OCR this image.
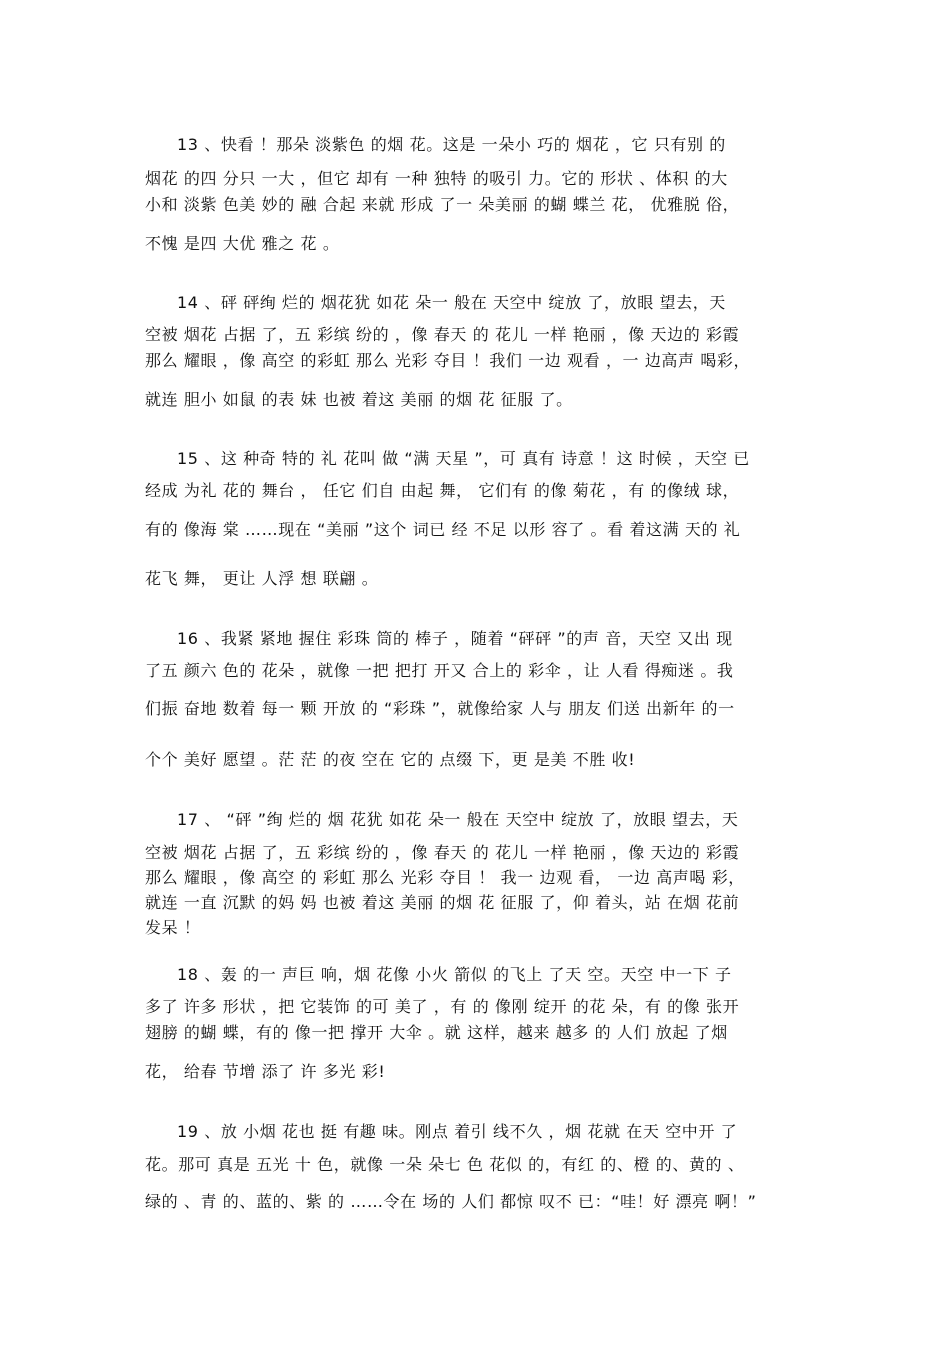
13 、快看 ！那朵 淡紫色 的烟 花。这是 一朵小 巧的 烟花 ，它 只有别 的
烟花 的四 分只 一大 ，但它 却有 一种 独特 的吸引 力。它的 形状 、体积 的大
小和 淡紫 色美 妙的 融 合起 来就 形成 了一 朵美丽 的蝴 蝶兰 花， 优雅脱 俗，
不愧 是四 大优 雅之 花 。
14 、砰 砰绚 烂的 烟花犹 如花 朵一 般在 天空中 绽放 了，放眼 望去，天
空被 烟花 占据 了，五 彩缤 纷的 ，像 春天 的 花儿 一样 艳丽 ，像 天边的 彩霞
那么 耀眼 ，像 高空 的彩虹 那么 光彩 夺目 ！我们 一边 观看 ，一 边高声 喝彩，
就连 胆小 如鼠 的表 妹 也被 着这 美丽 的烟 花 征服 了。
15 、这 种奇 特的 礼 花叫 做 “满 天星 ”，可 真有 诗意 ！这 时候 ，天空 已
经成 为礼 花的 舞台 ， 任它 们自 由起 舞， 它们有 的像 菊花 ，有 的像绒 球，
有的 像海 棠 ……现在 “美丽 ”这个 词已 经 不足 以形 容了 。看 着这满 天的 礼
花飞 舞， 更让 人浮 想 联翩 。
16 、我紧 紧地 握住 彩珠 筒的 棒子 ，随着 “砰砰 ”的声 音，天空 又出 现
了五 颜六 色的 花朵 ，就像 一把 把打 开又 合上的 彩伞 ，让 人看 得痴迷 。我
们振 奋地 数着 每一 颗 开放 的 “彩珠 ”，就像给家 人与 朋友 们送 出新年 的一
个个 美好 愿望 。茫 茫 的夜 空在 它的 点缀 下，更 是美 不胜 收!
17 、 “砰 ”绚 烂的 烟 花犹 如花 朵一 般在 天空中 绽放 了，放眼 望去，天
空被 烟花 占据 了，五 彩缤 纷的 ，像 春天 的 花儿 一样 艳丽 ，像 天边的 彩霞
那么 耀眼 ，像 高空 的 彩虹 那么 光彩 夺目 ！ 我一 边观 看， 一边 高声喝 彩，
就连 一直 沉默 的妈 妈 也被 着这 美丽 的烟 花 征服 了，仰 着头，站 在烟 花前
发呆 ！
18 、轰 的一 声巨 响，烟 花像 小火 箭似 的飞上 了天 空。天空 中一下 子
多了 许多 形状 ，把 它装饰 的可 美了 ，有 的 像刚 绽开 的花 朵，有 的像 张开
翅膀 的蝴 蝶，有的 像一把 撑开 大伞 。就 这样，越来 越多 的 人们 放起 了烟
花， 给春 节增 添了 许 多光 彩!
19 、放 小烟 花也 挺 有趣 味。刚点 着引 线不久 ，烟 花就 在天 空中开 了
花。那可 真是 五光 十 色，就像 一朵 朵七 色 花似 的，有红 的、橙 的、黄的 、
绿的 、青 的、蓝的、紫 的 ……令在 场的 人们 都惊 叹不 已：“哇！好 漂亮 啊！”
